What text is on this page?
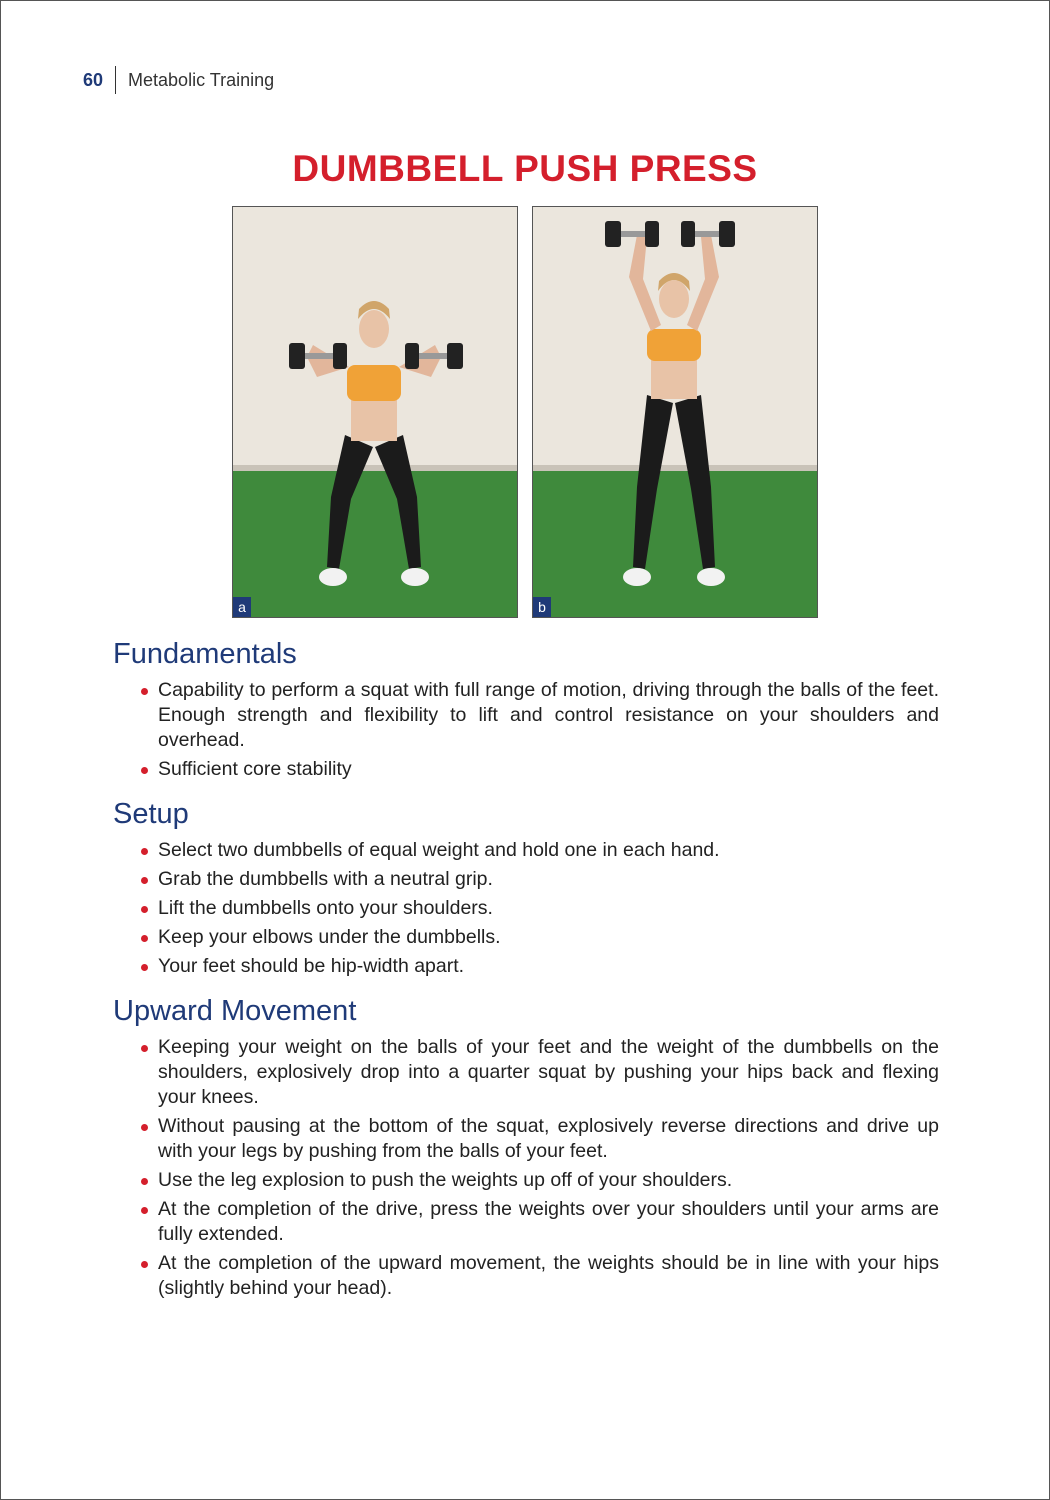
60 Metabolic Training
DUMBBELL PUSH PRESS
a	b
Fundamentals
Capability to perform a squat with full range of motion, driving through the balls of the feet. Enough strength and flexibility to lift and control resistance on your shoulders and overhead.
Sufficient core stability
Setup
Select two dumbbells of equal weight and hold one in each hand.
Grab the dumbbells with a neutral grip.
Lift the dumbbells onto your shoulders.
Keep your elbows under the dumbbells.
Your feet should be hip-width apart.
Upward Movement
Keeping your weight on the balls of your feet and the weight of the dumbbells on the shoulders, explosively drop into a quarter squat by pushing your hips back and flexing your knees.
Without pausing at the bottom of the squat, explosively reverse directions and drive up with your legs by pushing from the balls of your feet.
Use the leg explosion to push the weights up off of your shoulders.
At the completion of the drive, press the weights over your shoulders until your arms are fully extended.
At the completion of the upward movement, the weights should be in line with your hips (slightly behind your head).
